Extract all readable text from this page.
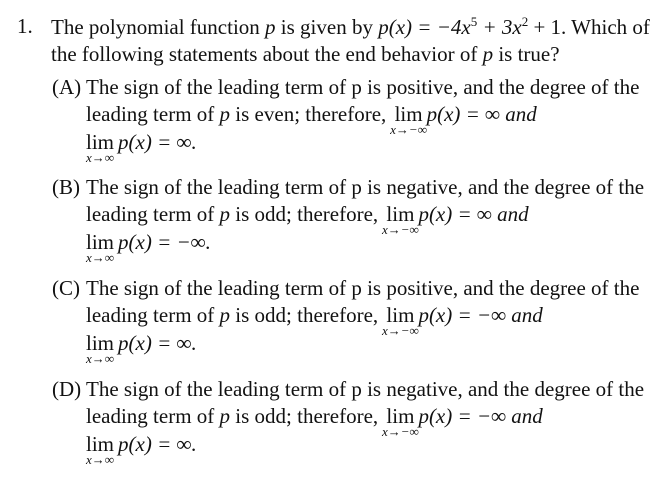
1. The polynomial function p is given by $p(x) = -4x^5 + 3x^2 + 1$. Which of
the following statements about the end behavior of p is true?
(A) The sign of the leading term of p is positive, and the degree of the
leading term of p is even; therefore, lim
x→−∞
p(x) = ∞ and
lim
x→∞
p(x) = ∞.
(B) The sign of the leading term of p is negative, and the degree of the
leading term of p is odd; therefore, lim
x→−∞
p(x) = ∞ and
lim
x→∞
p(x) = −∞.
(C) The sign of the leading term of p is positive, and the degree of the
leading term of p is odd; therefore, lim
x→−∞
p(x) = −∞ and
lim
x→∞
p(x) = ∞.
(D) The sign of the leading term of p is negative, and the degree of the
leading term of p is odd; therefore, lim
x→−∞
p(x) = −∞ and
lim
x→∞
p(x) = ∞.
